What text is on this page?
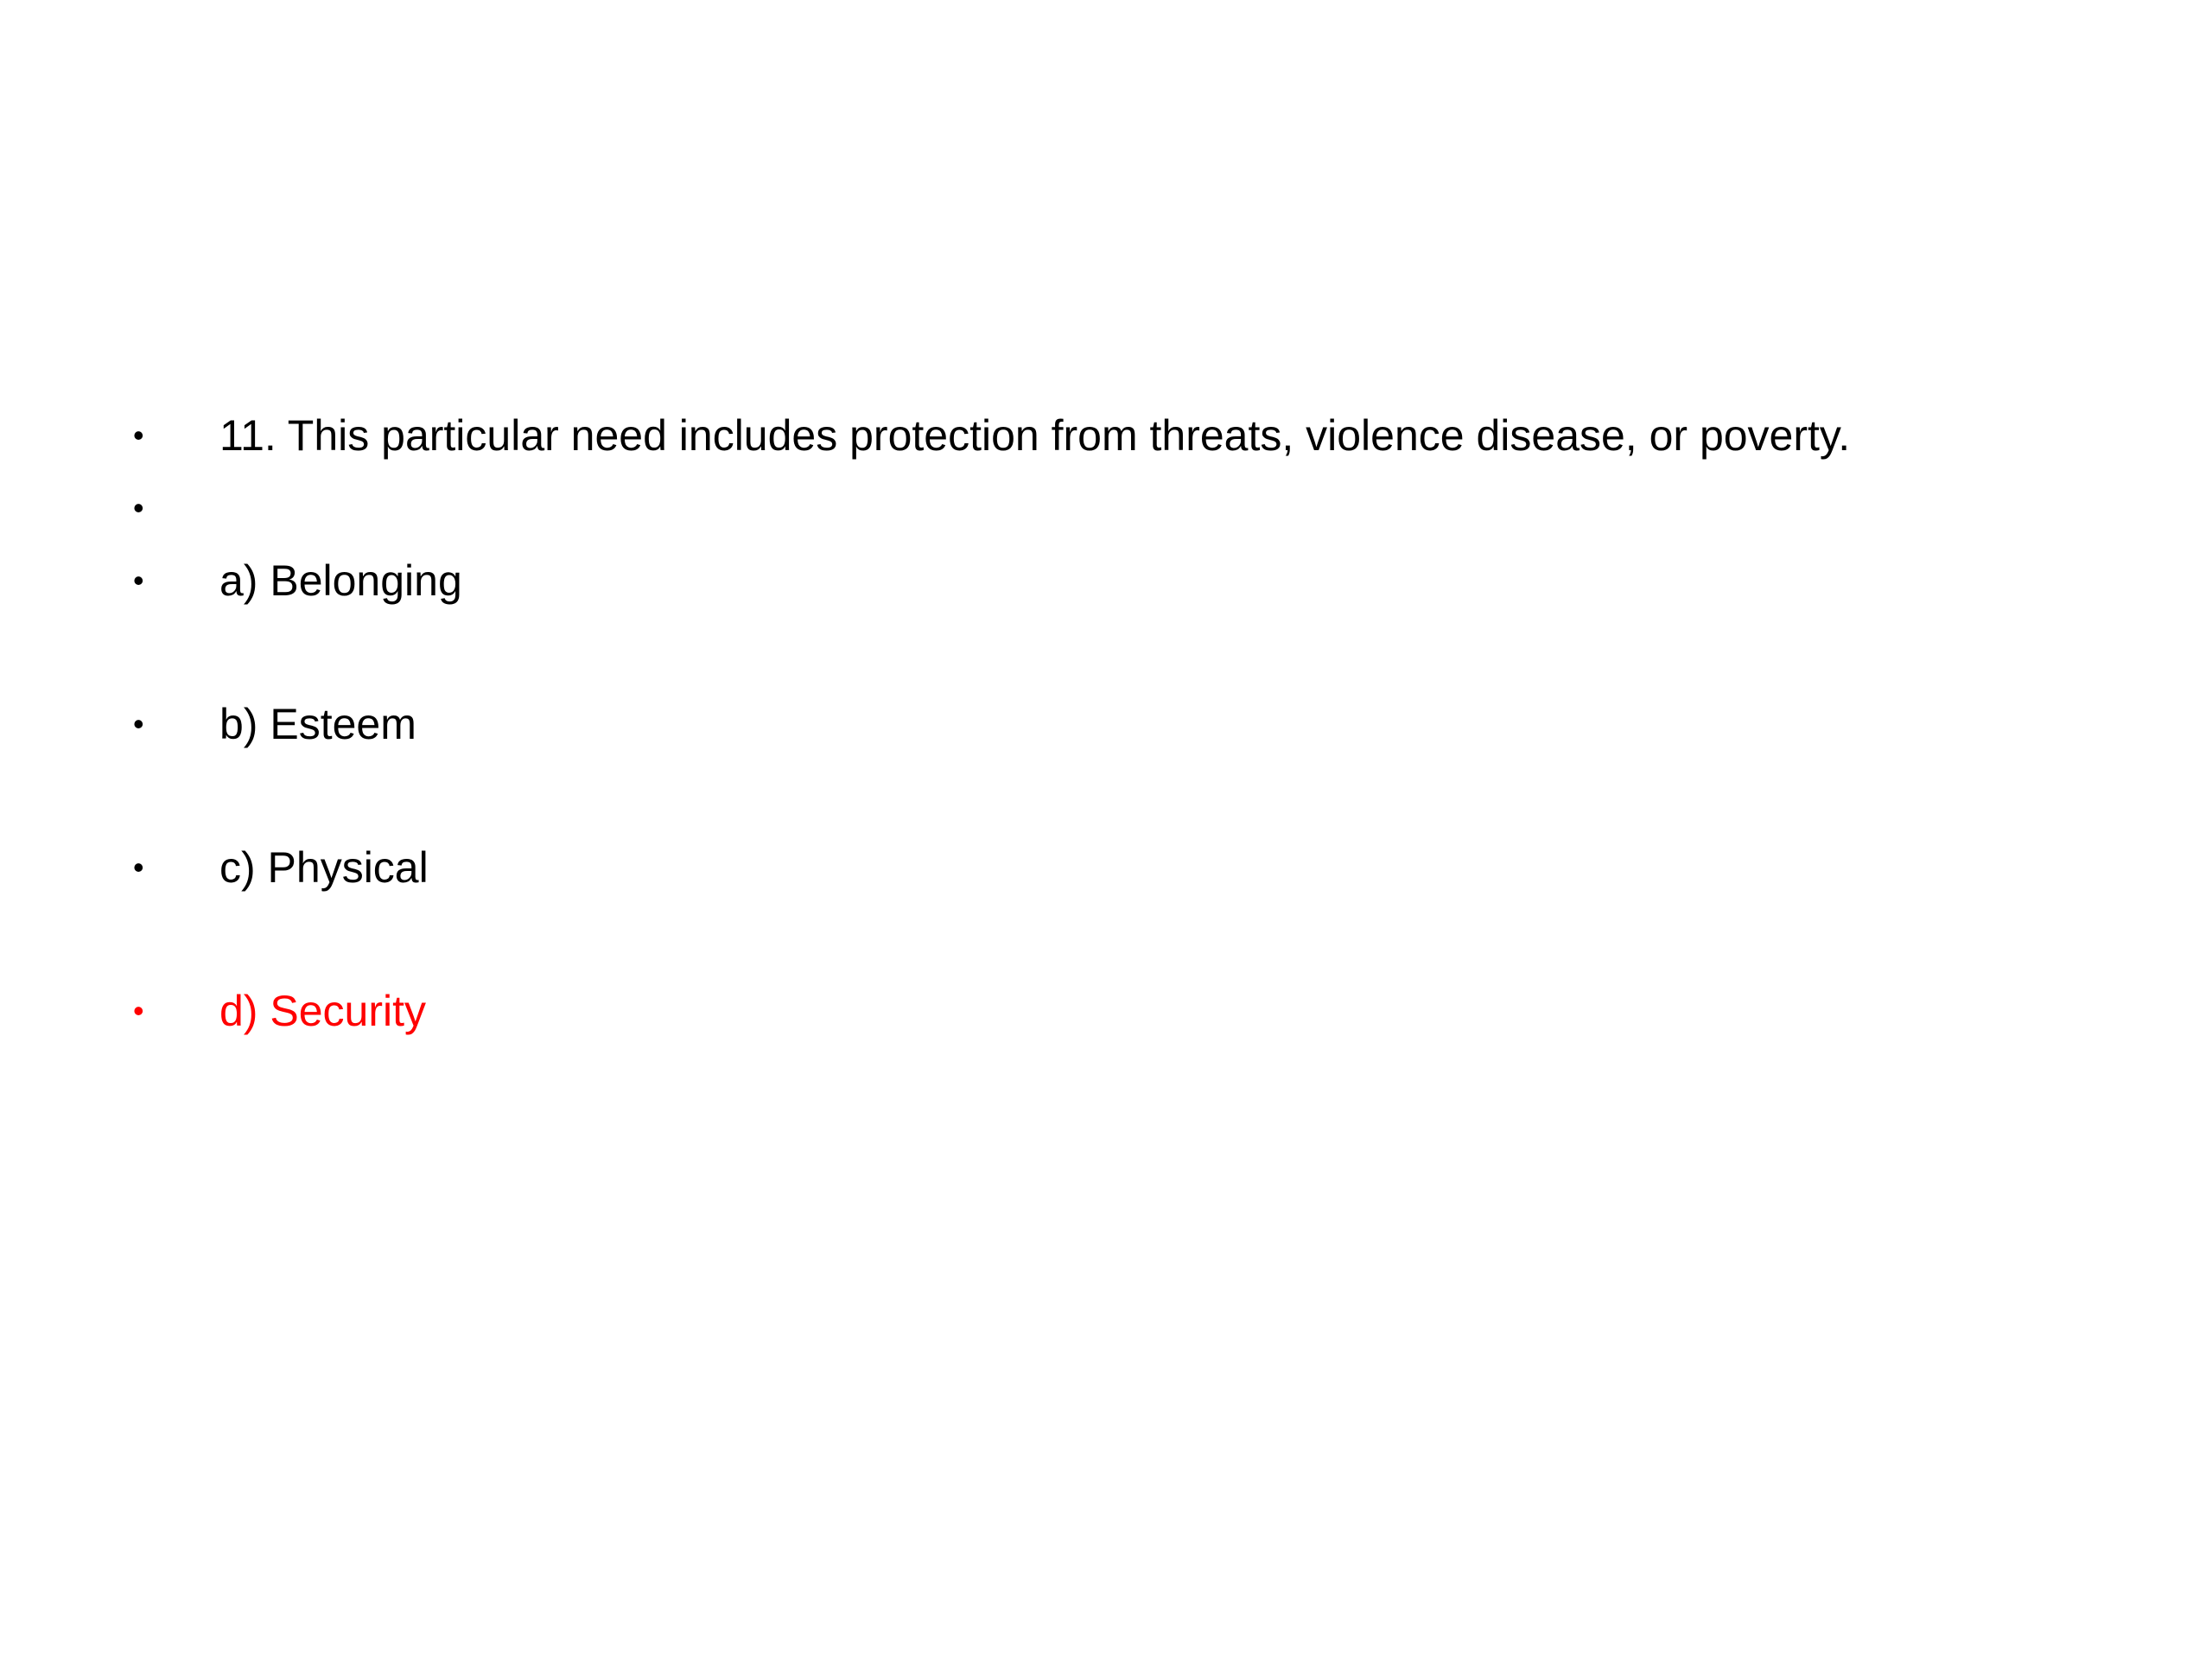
•	11. This particular need includes protection from threats, violence disease, or poverty.
•
•	a) Belonging
•	b) Esteem
•	c) Physical
•	d) Security
